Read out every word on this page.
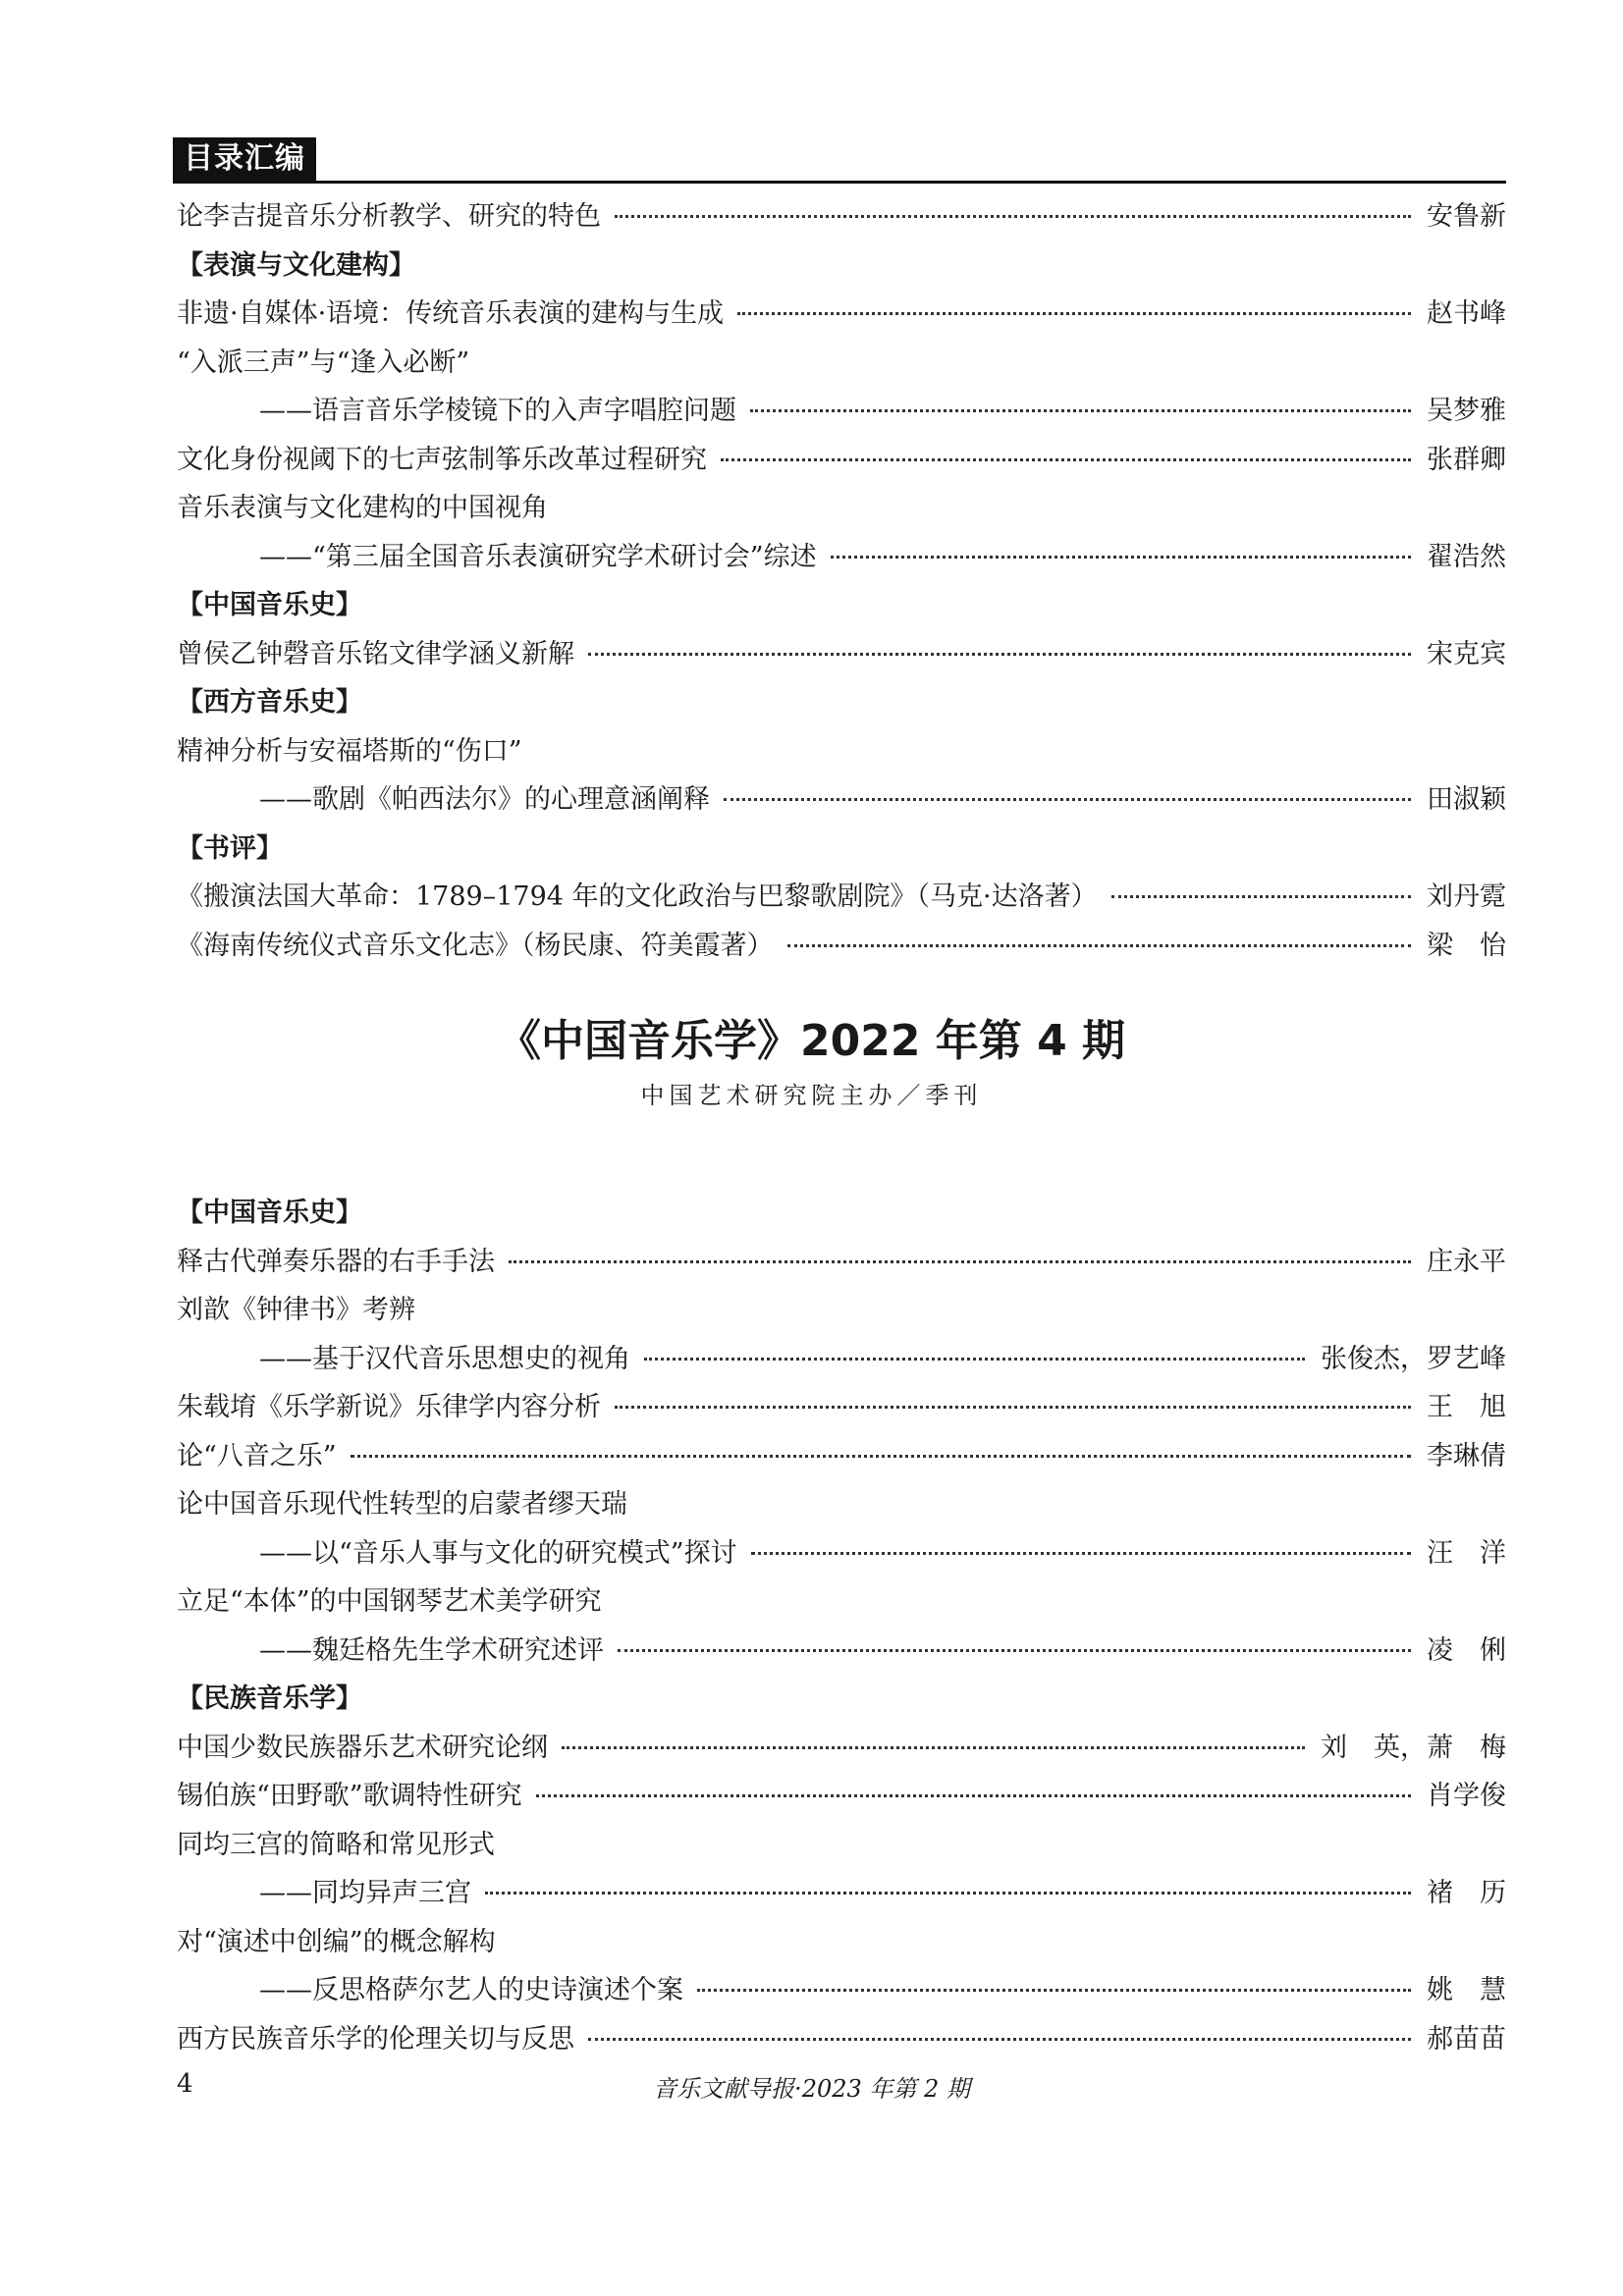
目录汇编
论李吉提音乐分析教学、研究的特色	安鲁新
【表演与文化建构】
非遗·自媒体·语境：传统音乐表演的建构与生成	赵书峰
“入派三声”与“逢入必断”
——语言音乐学棱镜下的入声字唱腔问题	吴梦雅
文化身份视阈下的七声弦制筝乐改革过程研究	张群卿
音乐表演与文化建构的中国视角
——“第三届全国音乐表演研究学术研讨会”综述	翟浩然
【中国音乐史】
曾侯乙钟磬音乐铭文律学涵义新解	宋克宾
【西方音乐史】
精神分析与安福塔斯的“伤口”
——歌剧《帕西法尔》的心理意涵阐释	田淑颖
【书评】
《搬演法国大革命：1789–1794 年的文化政治与巴黎歌剧院》（马克·达洛著）	刘丹霓
《海南传统仪式音乐文化志》（杨民康、符美霞著）	梁　怡
《中国音乐学》2022 年第 4 期
中国艺术研究院主办／季刊
【中国音乐史】
释古代弹奏乐器的右手手法	庄永平
刘歆《钟律书》考辨
——基于汉代音乐思想史的视角	张俊杰，罗艺峰
朱载堉《乐学新说》乐律学内容分析	王　旭
论“八音之乐”	李琳倩
论中国音乐现代性转型的启蒙者缪天瑞
——以“音乐人事与文化的研究模式”探讨	汪　洋
立足“本体”的中国钢琴艺术美学研究
——魏廷格先生学术研究述评	凌　俐
【民族音乐学】
中国少数民族器乐艺术研究论纲	刘　英，萧　梅
锡伯族“田野歌”歌调特性研究	肖学俊
同均三宫的简略和常见形式
——同均异声三宫	褚　历
对“演述中创编”的概念解构
——反思格萨尔艺人的史诗演述个案	姚　慧
西方民族音乐学的伦理关切与反思	郝苗苗
4	音乐文献导报·2023 年第 2 期
